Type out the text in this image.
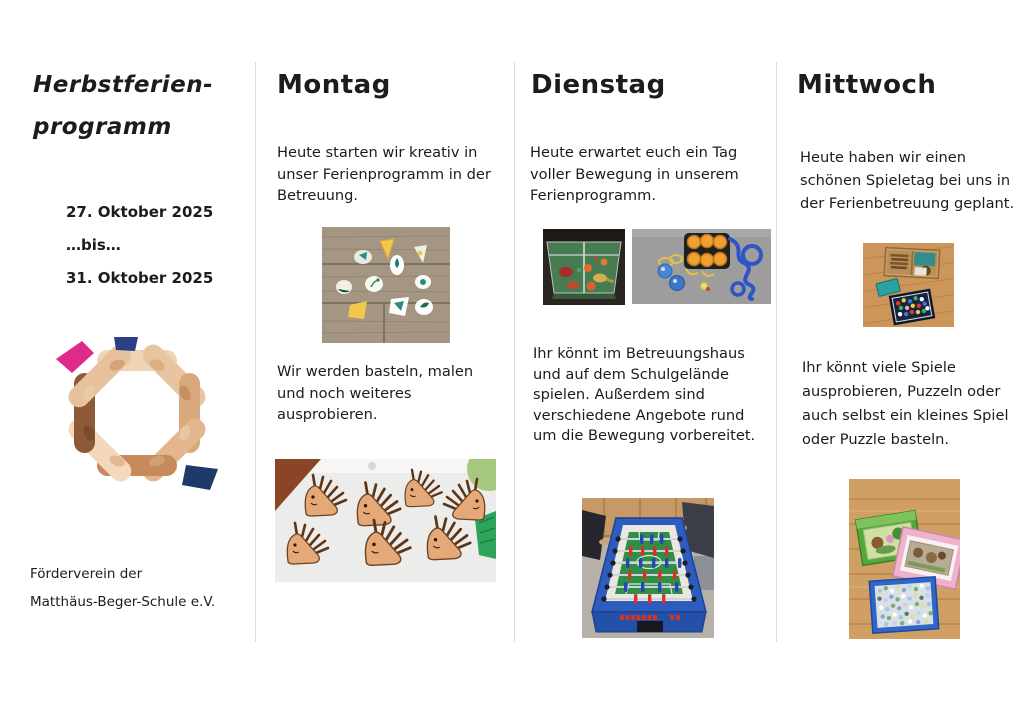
Herbstferien-
programm
27. Oktober 2025
…bis…
31. Oktober 2025
Förderverein der
Matthäus-Beger-Schule e.V.
Montag
Heute starten wir kreativ in
unser Ferienprogramm in der
Betreuung.
Wir werden basteln, malen
und noch weiteres
ausprobieren.
Dienstag
Heute erwartet euch ein Tag
voller Bewegung in unserem
Ferienprogramm.
Ihr könnt im Betreuungshaus
und auf dem Schulgelände
spielen. Außerdem sind
verschiedene Angebote rund
um die Bewegung vorbereitet.
Mittwoch
Heute haben wir einen
schönen Spieletag bei uns in
der Ferienbetreuung geplant.
Ihr könnt viele Spiele
ausprobieren, Puzzeln oder
auch selbst ein kleines Spiel
oder Puzzle basteln.
